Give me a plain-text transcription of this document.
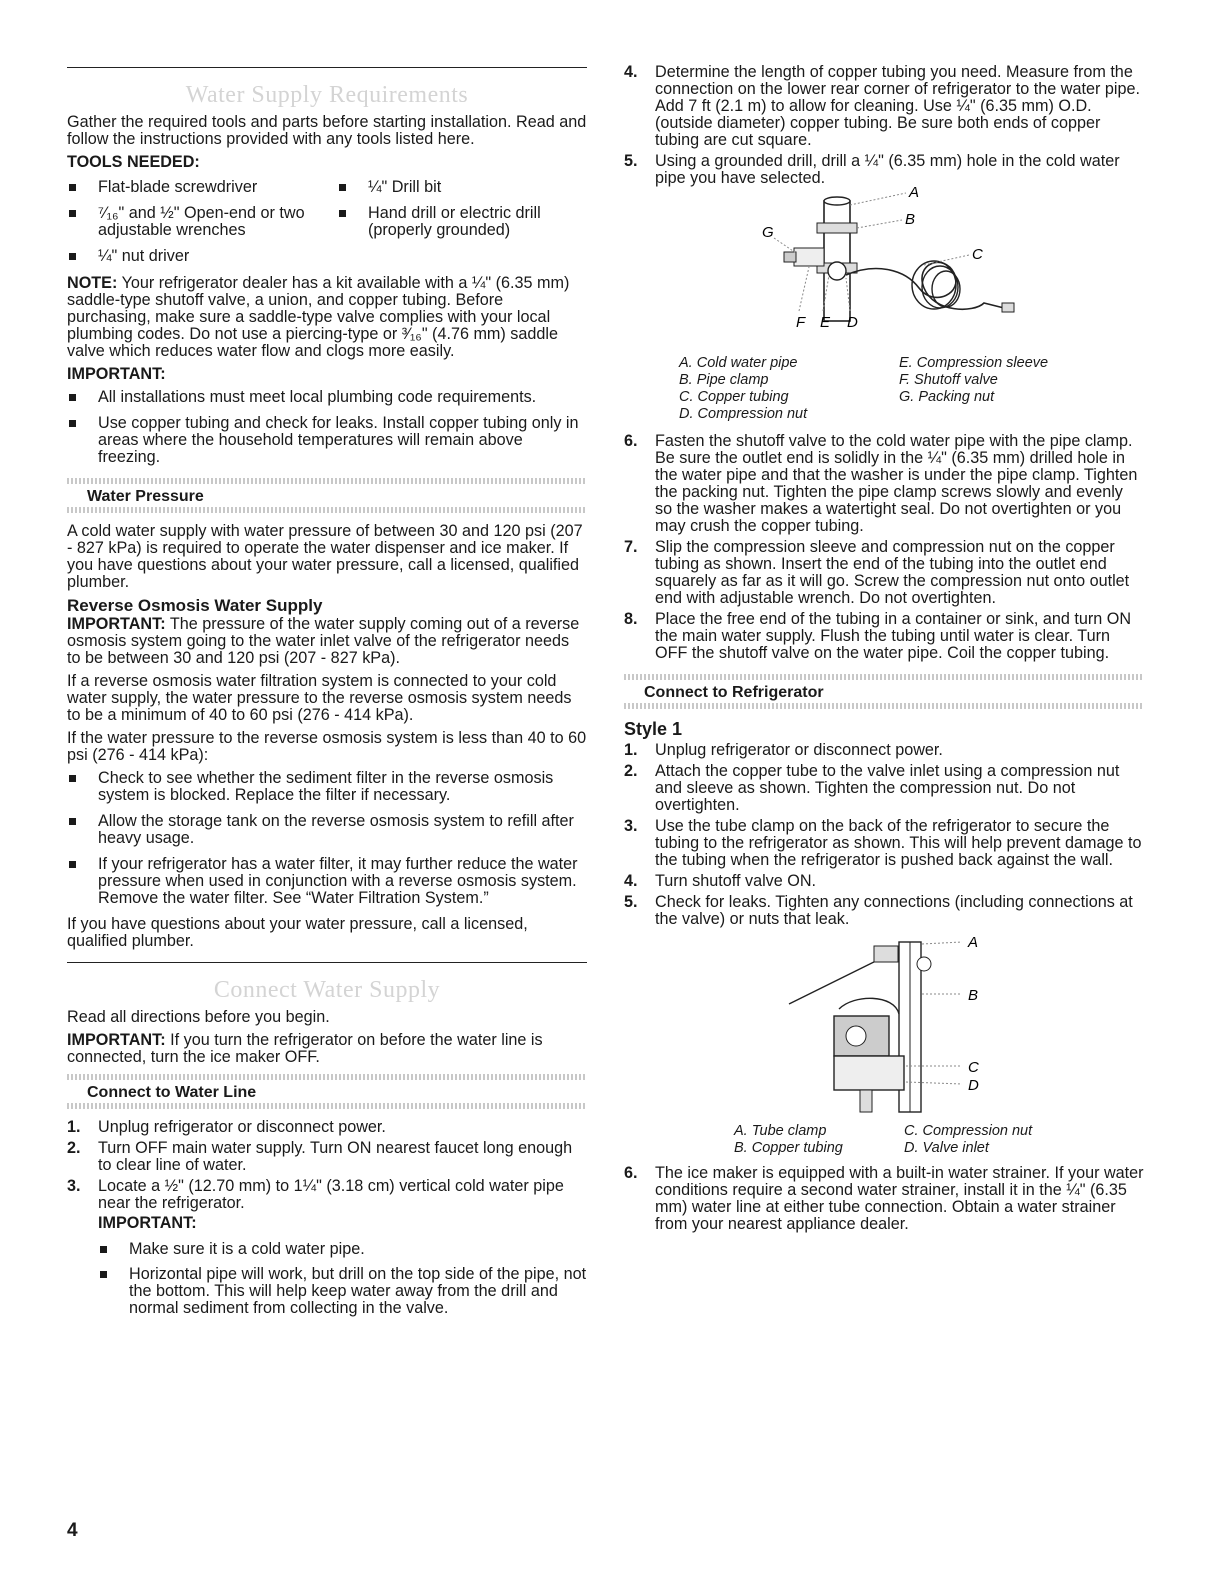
Water Supply Requirements

Gather the required tools and parts before starting installation. Read and follow the instructions provided with any tools listed here.

TOOLS NEEDED:
Flat-blade screwdriver	¼" Drill bit
⁷⁄₁₆" and ½" Open-end or two adjustable wrenches
Hand drill or electric drill (properly grounded)
¼" nut driver

NOTE: Your refrigerator dealer has a kit available with a ¼" (6.35 mm) saddle-type shutoff valve, a union, and copper tubing. Before purchasing, make sure a saddle-type valve complies with your local plumbing codes. Do not use a piercing-type or ³⁄₁₆" (4.76 mm) saddle valve which reduces water flow and clogs more easily.

IMPORTANT:
All installations must meet local plumbing code requirements.
Use copper tubing and check for leaks. Install copper tubing only in areas where the household temperatures will remain above freezing.
Water Pressure

A cold water supply with water pressure of between 30 and 120 psi (207 - 827 kPa) is required to operate the water dispenser and ice maker. If you have questions about your water pressure, call a licensed, qualified plumber.

Reverse Osmosis Water Supply

IMPORTANT: The pressure of the water supply coming out of a reverse osmosis system going to the water inlet valve of the refrigerator needs to be between 30 and 120 psi (207 - 827 kPa).

If a reverse osmosis water filtration system is connected to your cold water supply, the water pressure to the reverse osmosis system needs to be a minimum of 40 to 60 psi (276 - 414 kPa).

If the water pressure to the reverse osmosis system is less than 40 to 60 psi (276 - 414 kPa):

Check to see whether the sediment filter in the reverse osmosis system is blocked. Replace the filter if necessary.
Allow the storage tank on the reverse osmosis system to refill after heavy usage.
If your refrigerator has a water filter, it may further reduce the water pressure when used in conjunction with a reverse osmosis system. Remove the water filter. See “Water Filtration System.”

If you have questions about your water pressure, call a licensed, qualified plumber.

Connect Water Supply

Read all directions before you begin.

IMPORTANT: If you turn the refrigerator on before the water line is connected, turn the ice maker OFF.

Connect to Water Line
1. Unplug refrigerator or disconnect power.
2. Turn OFF main water supply. Turn ON nearest faucet long enough to clear line of water.
3. Locate a ½" (12.70 mm) to 1¼" (3.18 cm) vertical cold water pipe near the refrigerator.
IMPORTANT:
Make sure it is a cold water pipe.
Horizontal pipe will work, but drill on the top side of the pipe, not the bottom. This will help keep water away from the drill and normal sediment from collecting in the valve.
4. Determine the length of copper tubing you need. Measure from the connection on the lower rear corner of refrigerator to the water pipe. Add 7 ft (2.1 m) to allow for cleaning. Use ¼" (6.35 mm) O.D. (outside diameter) copper tubing. Be sure both ends of copper tubing are cut square.
5. Using a grounded drill, drill a ¼" (6.35 mm) hole in the cold water pipe you have selected.
A
B
C
D
E
F
G
A. Cold water pipe	E. Compression sleeve
B. Pipe clamp	F. Shutoff valve
C. Copper tubing	G. Packing nut
D. Compression nut
6. Fasten the shutoff valve to the cold water pipe with the pipe clamp. Be sure the outlet end is solidly in the ¼" (6.35 mm) drilled hole in the water pipe and that the washer is under the pipe clamp. Tighten the packing nut. Tighten the pipe clamp screws slowly and evenly so the washer makes a watertight seal. Do not overtighten or you may crush the copper tubing.
7. Slip the compression sleeve and compression nut on the copper tubing as shown. Insert the end of the tubing into the outlet end squarely as far as it will go. Screw the compression nut onto outlet end with adjustable wrench. Do not overtighten.
8. Place the free end of the tubing in a container or sink, and turn ON the main water supply. Flush the tubing until water is clear. Turn OFF the shutoff valve on the water pipe. Coil the copper tubing.
Connect to Refrigerator
Style 1
1. Unplug refrigerator or disconnect power.
2. Attach the copper tube to the valve inlet using a compression nut and sleeve as shown. Tighten the compression nut. Do not overtighten.
3. Use the tube clamp on the back of the refrigerator to secure the tubing to the refrigerator as shown. This will help prevent damage to the tubing when the refrigerator is pushed back against the wall.
4. Turn shutoff valve ON.
5. Check for leaks. Tighten any connections (including connections at the valve) or nuts that leak.
A
B
C
D
A. Tube clamp	C. Compression nut
B. Copper tubing	D. Valve inlet
6. The ice maker is equipped with a built-in water strainer. If your water conditions require a second water strainer, install it in the ¼" (6.35 mm) water line at either tube connection. Obtain a water strainer from your nearest appliance dealer.
4
